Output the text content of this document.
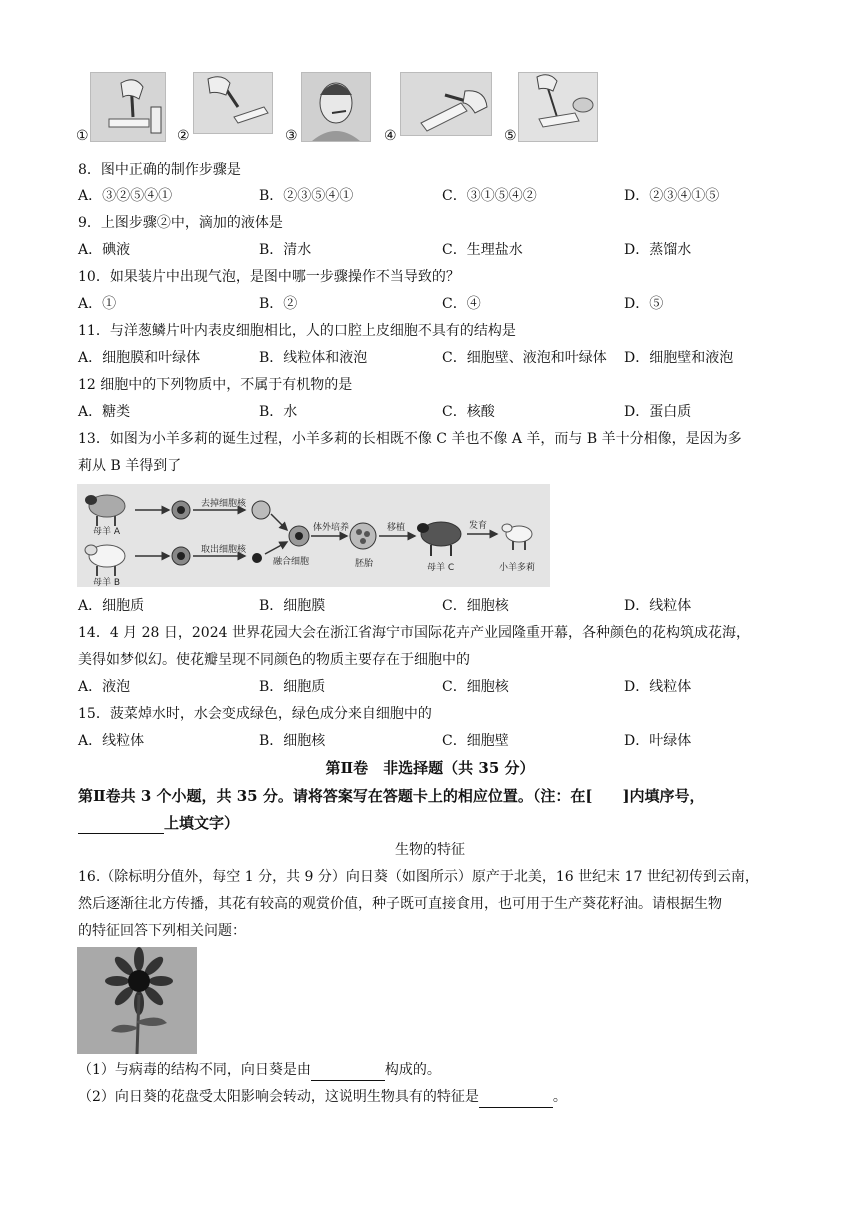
①	②	③	④	⑤
8．图中正确的制作步骤是
A．③②⑤④①	B．②③⑤④①	C．③①⑤④②	D．②③④①⑤
9．上图步骤②中，滴加的液体是
A．碘液	B．清水	C．生理盐水	D．蒸馏水
10．如果装片中出现气泡，是图中哪一步骤操作不当导致的？
A．①	B．②	C．④	D．⑤
11．与洋葱鳞片叶内表皮细胞相比，人的口腔上皮细胞不具有的结构是
A．细胞膜和叶绿体	B．线粒体和液泡	C．细胞壁、液泡和叶绿体 D．细胞壁和液泡
12 细胞中的下列物质中，不属于有机物的是
A．糖类	B．水	C．核酸	D．蛋白质
13．如图为小羊多莉的诞生过程，小羊多莉的长相既不像 C 羊也不像 A 羊，而与 B 羊十分相像，是因为多
莉从 B 羊得到了
母羊 A
母羊 B
去掉细胞核
取出细胞核
融合细胞
体外培养
胚胎
移植
母羊 C
发育
小羊多莉
A．细胞质	B．细胞膜	C．细胞核	D．线粒体
14．4 月 28 日，2024 世界花园大会在浙江省海宁市国际花卉产业园隆重开幕，各种颜色的花构筑成花海，
美得如梦似幻。使花瓣呈现不同颜色的物质主要存在于细胞中的
A．液泡	B．细胞质	C．细胞核	D．线粒体
15．菠菜焯水时，水会变成绿色，绿色成分来自细胞中的
A．线粒体	B．细胞核	C．细胞壁	D．叶绿体
第Ⅱ卷　非选择题（共 35 分）
第Ⅱ卷共 3 个小题，共 35 分。请将答案写在答题卡上的相应位置。（注：在[　　]内填序号，
上填文字）
生物的特征
16.（除标明分值外，每空 1 分，共 9 分）向日葵（如图所示）原产于北美，16 世纪末 17 世纪初传到云南，
然后逐渐往北方传播，其花有较高的观赏价值，种子既可直接食用，也可用于生产葵花籽油。请根据生物
的特征回答下列相关问题：
（1）与病毒的结构不同，向日葵是由	构成的。
（2）向日葵的花盘受太阳影响会转动，这说明生物具有的特征是	。
